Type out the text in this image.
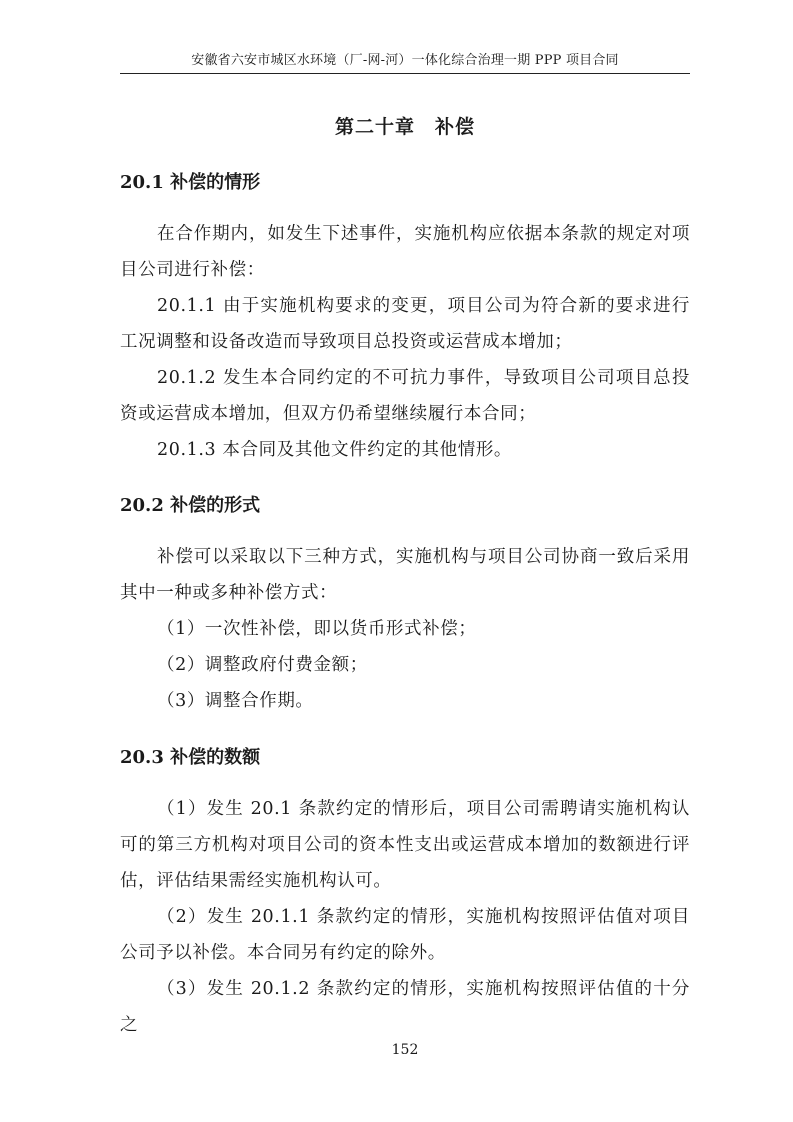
安徽省六安市城区水环境（厂-网-河）一体化综合治理一期 PPP 项目合同
第二十章　补偿
20.1 补偿的情形

在合作期内，如发生下述事件，实施机构应依据本条款的规定对项目公司进行补偿：

20.1.1 由于实施机构要求的变更，项目公司为符合新的要求进行工况调整和设备改造而导致项目总投资或运营成本增加；

20.1.2 发生本合同约定的不可抗力事件，导致项目公司项目总投资或运营成本增加，但双方仍希望继续履行本合同；

20.1.3 本合同及其他文件约定的其他情形。

20.2 补偿的形式

补偿可以采取以下三种方式，实施机构与项目公司协商一致后采用其中一种或多种补偿方式：

（1）一次性补偿，即以货币形式补偿；

（2）调整政府付费金额；

（3）调整合作期。

20.3 补偿的数额

（1）发生 20.1 条款约定的情形后，项目公司需聘请实施机构认可的第三方机构对项目公司的资本性支出或运营成本增加的数额进行评估，评估结果需经实施机构认可。

（2）发生 20.1.1 条款约定的情形，实施机构按照评估值对项目公司予以补偿。本合同另有约定的除外。

（3）发生 20.1.2 条款约定的情形，实施机构按照评估值的十分之

152
